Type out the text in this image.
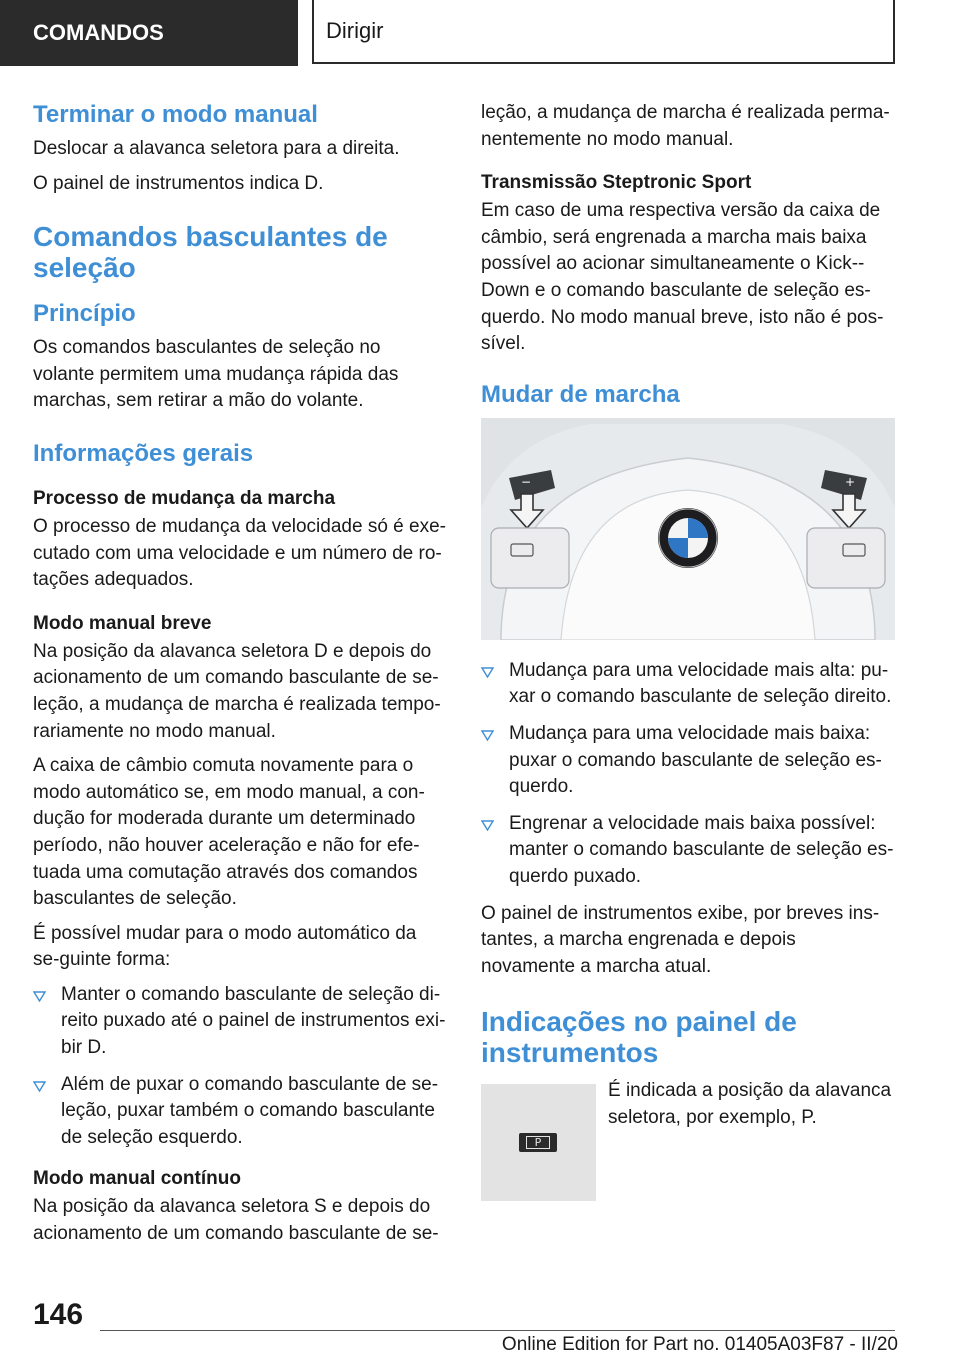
COMANDOS	Dirigir
Terminar o modo manual
Deslocar a alavanca seletora para a direita.
O painel de instrumentos indica D.
Comandos basculantes de seleção
Princípio
Os comandos basculantes de seleção no volante permitem uma mudança rápida das marchas, sem retirar a mão do volante.
Informações gerais
Processo de mudança da marcha
O processo de mudança da velocidade só é exe-cutado com uma velocidade e um número de ro-tações adequados.
Modo manual breve
Na posição da alavanca seletora D e depois do acionamento de um comando basculante de se-leção, a mudança de marcha é realizada tempo-rariamente no modo manual.
A caixa de câmbio comuta novamente para o modo automático se, em modo manual, a con-dução for moderada durante um determinado período, não houver aceleração e não for efe-tuada uma comutação através dos comandos basculantes de seleção.
É possível mudar para o modo automático da se-guinte forma:
Manter o comando basculante de seleção di-reito puxado até o painel de instrumentos exi-bir D.
Além de puxar o comando basculante de se-leção, puxar também o comando basculante de seleção esquerdo.
Modo manual contínuo
Na posição da alavanca seletora S e depois do acionamento de um comando basculante de se-
leção, a mudança de marcha é realizada perma-nentemente no modo manual.
Transmissão Steptronic Sport
Em caso de uma respectiva versão da caixa de câmbio, será engrenada a marcha mais baixa possível ao acionar simultaneamente o Kick--Down e o comando basculante de seleção es-querdo. No modo manual breve, isto não é pos-sível.
Mudar de marcha
−	+
Mudança para uma velocidade mais alta: pu-xar o comando basculante de seleção direito.
Mudança para uma velocidade mais baixa: puxar o comando basculante de seleção es-querdo.
Engrenar a velocidade mais baixa possível: manter o comando basculante de seleção es-querdo puxado.
O painel de instrumentos exibe, por breves ins-tantes, a marcha engrenada e depois novamente a marcha atual.
Indicações no painel de instrumentos
P
É indicada a posição da alavanca seletora, por exemplo, P.
146
Online Edition for Part no. 01405A03F87 - II/20
